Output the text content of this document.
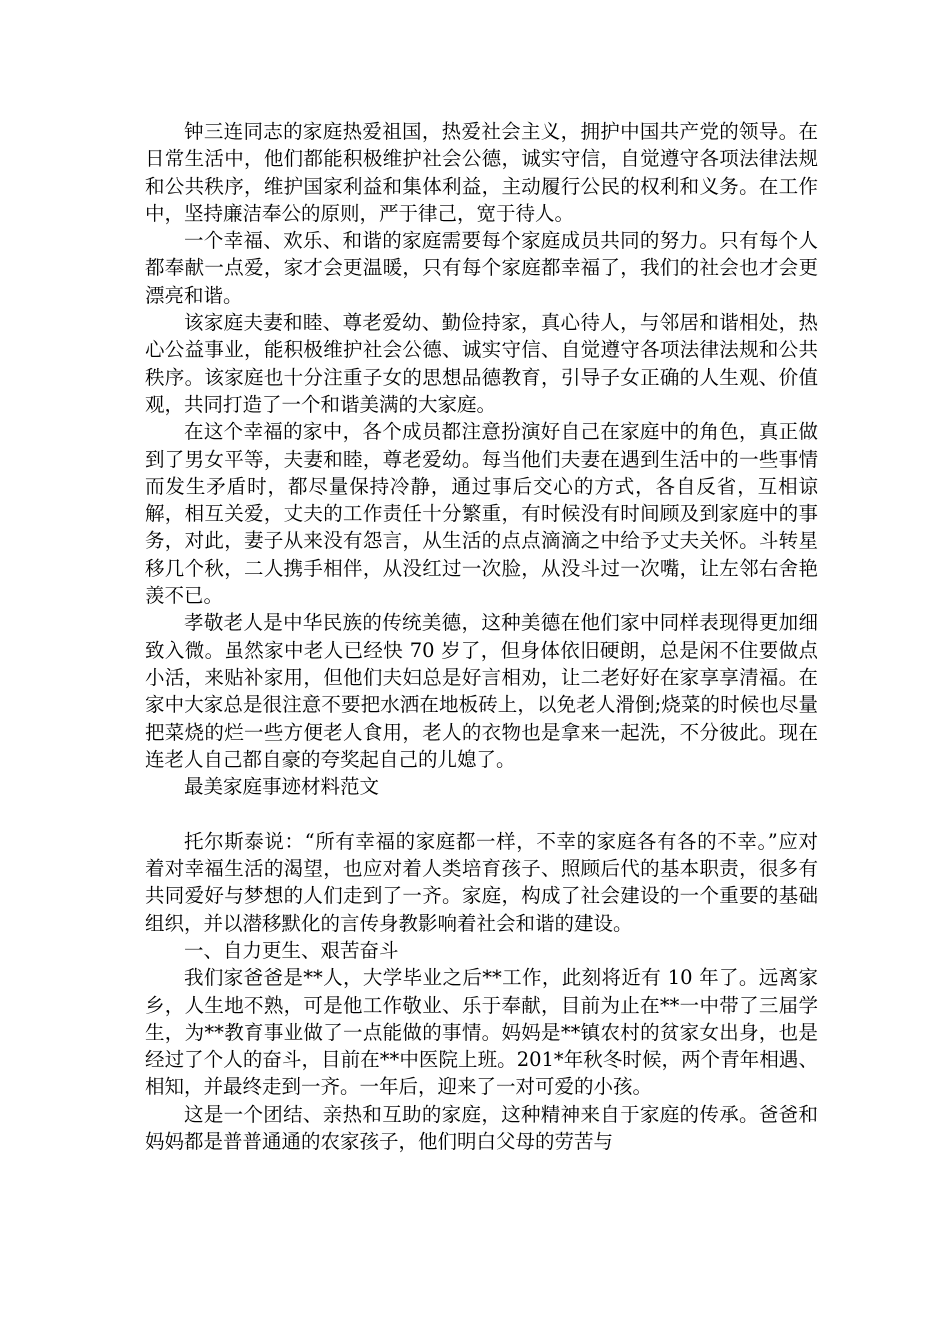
钟三连同志的家庭热爱祖国，热爱社会主义，拥护中国共产党的领导。在日常生活中，他们都能积极维护社会公德，诚实守信，自觉遵守各项法律法规和公共秩序，维护国家利益和集体利益，主动履行公民的权利和义务。在工作中，坚持廉洁奉公的原则，严于律己，宽于待人。

一个幸福、欢乐、和谐的家庭需要每个家庭成员共同的努力。只有每个人都奉献一点爱，家才会更温暖，只有每个家庭都幸福了，我们的社会也才会更漂亮和谐。

该家庭夫妻和睦、尊老爱幼、勤俭持家，真心待人，与邻居和谐相处，热心公益事业，能积极维护社会公德、诚实守信、自觉遵守各项法律法规和公共秩序。该家庭也十分注重子女的思想品德教育，引导子女正确的人生观、价值观，共同打造了一个和谐美满的大家庭。

在这个幸福的家中，各个成员都注意扮演好自己在家庭中的角色，真正做到了男女平等，夫妻和睦，尊老爱幼。每当他们夫妻在遇到生活中的一些事情而发生矛盾时，都尽量保持冷静，通过事后交心的方式，各自反省，互相谅解，相互关爱，丈夫的工作责任十分繁重，有时候没有时间顾及到家庭中的事务，对此，妻子从来没有怨言，从生活的点点滴滴之中给予丈夫关怀。斗转星移几个秋，二人携手相伴，从没红过一次脸，从没斗过一次嘴，让左邻右舍艳羡不已。

孝敬老人是中华民族的传统美德，这种美德在他们家中同样表现得更加细致入微。虽然家中老人已经快 70 岁了，但身体依旧硬朗，总是闲不住要做点小活，来贴补家用，但他们夫妇总是好言相劝，让二老好好在家享享清福。在家中大家总是很注意不要把水洒在地板砖上，以免老人滑倒;烧菜的时候也尽量把菜烧的烂一些方便老人食用，老人的衣物也是拿来一起洗，不分彼此。现在连老人自己都自豪的夸奖起自己的儿媳了。

最美家庭事迹材料范文

托尔斯泰说：“所有幸福的家庭都一样，不幸的家庭各有各的不幸。”应对着对幸福生活的渴望，也应对着人类培育孩子、照顾后代的基本职责，很多有共同爱好与梦想的人们走到了一齐。家庭，构成了社会建设的一个重要的基础组织，并以潜移默化的言传身教影响着社会和谐的建设。

一、自力更生、艰苦奋斗

我们家爸爸是**人，大学毕业之后**工作，此刻将近有 10 年了。远离家乡，人生地不熟，可是他工作敬业、乐于奉献，目前为止在**一中带了三届学生，为**教育事业做了一点能做的事情。妈妈是**镇农村的贫家女出身，也是经过了个人的奋斗，目前在**中医院上班。201*年秋冬时候，两个青年相遇、相知，并最终走到一齐。一年后，迎来了一对可爱的小孩。

这是一个团结、亲热和互助的家庭，这种精神来自于家庭的传承。爸爸和妈妈都是普普通通的农家孩子，他们明白父母的劳苦与
